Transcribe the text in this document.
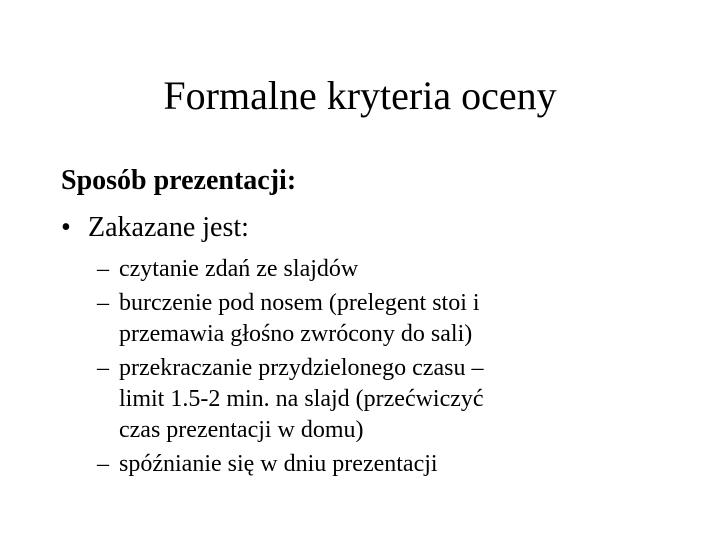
Formalne kryteria oceny

Sposób prezentacji:

• Zakazane jest:
– czytanie zdań ze slajdów
– burczenie pod nosem (prelegent stoi i
przemawia głośno zwrócony do sali)
– przekraczanie przydzielonego czasu –
limit 1.5-2 min. na slajd (przećwiczyć
czas prezentacji w domu)
– spóźnianie się w dniu prezentacji
